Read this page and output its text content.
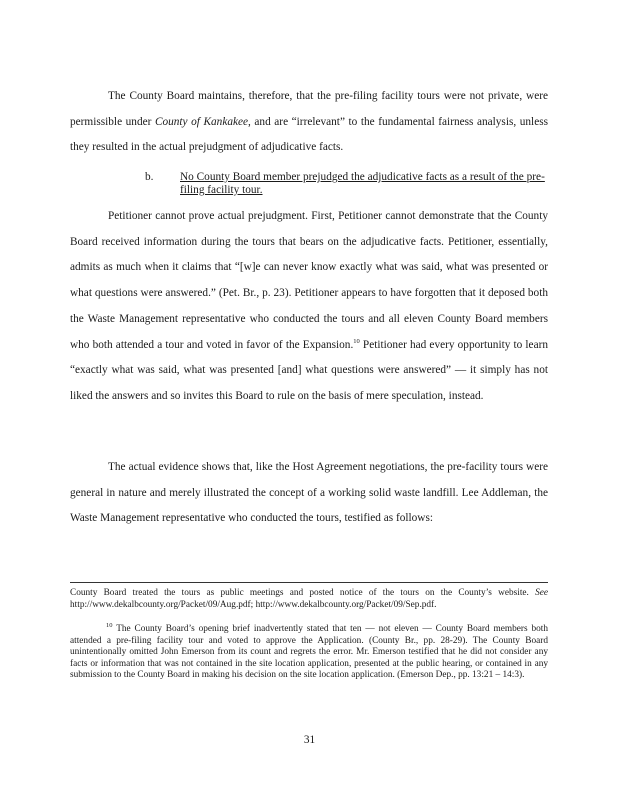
The County Board maintains, therefore, that the pre-filing facility tours were not private, were permissible under County of Kankakee, and are “irrelevant” to the fundamental fairness analysis, unless they resulted in the actual prejudgment of adjudicative facts.

b. No County Board member prejudged the adjudicative facts as a result of the pre-filing facility tour.

Petitioner cannot prove actual prejudgment. First, Petitioner cannot demonstrate that the County Board received information during the tours that bears on the adjudicative facts. Petitioner, essentially, admits as much when it claims that “[w]e can never know exactly what was said, what was presented or what questions were answered.” (Pet. Br., p. 23). Petitioner appears to have forgotten that it deposed both the Waste Management representative who conducted the tours and all eleven County Board members who both attended a tour and voted in favor of the Expansion.$^{10}$ Petitioner had every opportunity to learn “exactly what was said, what was presented [and] what questions were answered” — it simply has not liked the answers and so invites this Board to rule on the basis of mere speculation, instead.

The actual evidence shows that, like the Host Agreement negotiations, the pre-facility tours were general in nature and merely illustrated the concept of a working solid waste landfill. Lee Addleman, the Waste Management representative who conducted the tours, testified as follows:

County Board treated the tours as public meetings and posted notice of the tours on the County’s website. See http://www.dekalbcounty.org/Packet/09/Aug.pdf; http://www.dekalbcounty.org/Packet/09/Sep.pdf.

$^{10}$ The County Board’s opening brief inadvertently stated that ten — not eleven — County Board members both attended a pre-filing facility tour and voted to approve the Application. (County Br., pp. 28-29). The County Board unintentionally omitted John Emerson from its count and regrets the error. Mr. Emerson testified that he did not consider any facts or information that was not contained in the site location application, presented at the public hearing, or contained in any submission to the County Board in making his decision on the site location application. (Emerson Dep., pp. 13:21 – 14:3).

31
